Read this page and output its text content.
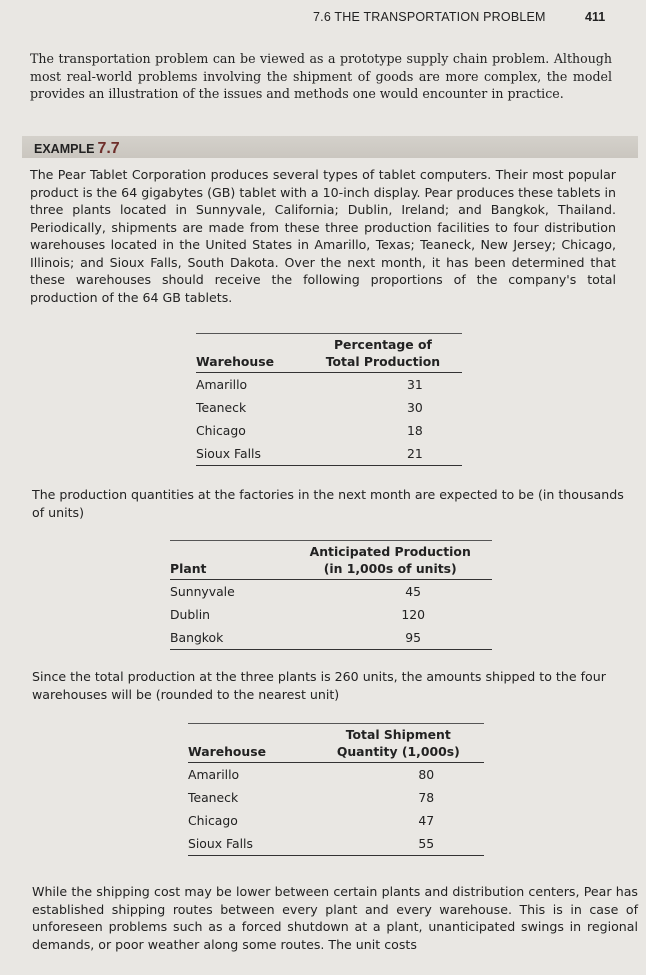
7.6 THE TRANSPORTATION PROBLEM	411

The transportation problem can be viewed as a prototype supply chain problem. Although most real-world problems involving the shipment of goods are more complex, the model provides an illustration of the issues and methods one would encounter in practice.

EXAMPLE 7.7

The Pear Tablet Corporation produces several types of tablet computers. Their most popular product is the 64 gigabytes (GB) tablet with a 10-inch display. Pear produces these tablets in three plants located in Sunnyvale, California; Dublin, Ireland; and Bangkok, Thailand. Periodically, shipments are made from these three production facilities to four distribution warehouses located in the United States in Amarillo, Texas; Teaneck, New Jersey; Chicago, Illinois; and Sioux Falls, South Dakota. Over the next month, it has been determined that these warehouses should receive the following proportions of the company's total production of the 64 GB tablets.

Warehouse	Percentage of
Total Production

Amarillo	31
Teaneck	30
Chicago	18
Sioux Falls	21

The production quantities at the factories in the next month are expected to be (in thousands of units)

Plant	Anticipated Production
(in 1,000s of units)

Sunnyvale	45
Dublin	120
Bangkok	95

Since the total production at the three plants is 260 units, the amounts shipped to the four warehouses will be (rounded to the nearest unit)

Warehouse	Total Shipment
Quantity (1,000s)

Amarillo	80
Teaneck	78
Chicago	47
Sioux Falls	55

While the shipping cost may be lower between certain plants and distribution centers, Pear has established shipping routes between every plant and every warehouse. This is in case of unforeseen problems such as a forced shutdown at a plant, unanticipated swings in regional demands, or poor weather along some routes. The unit costs
